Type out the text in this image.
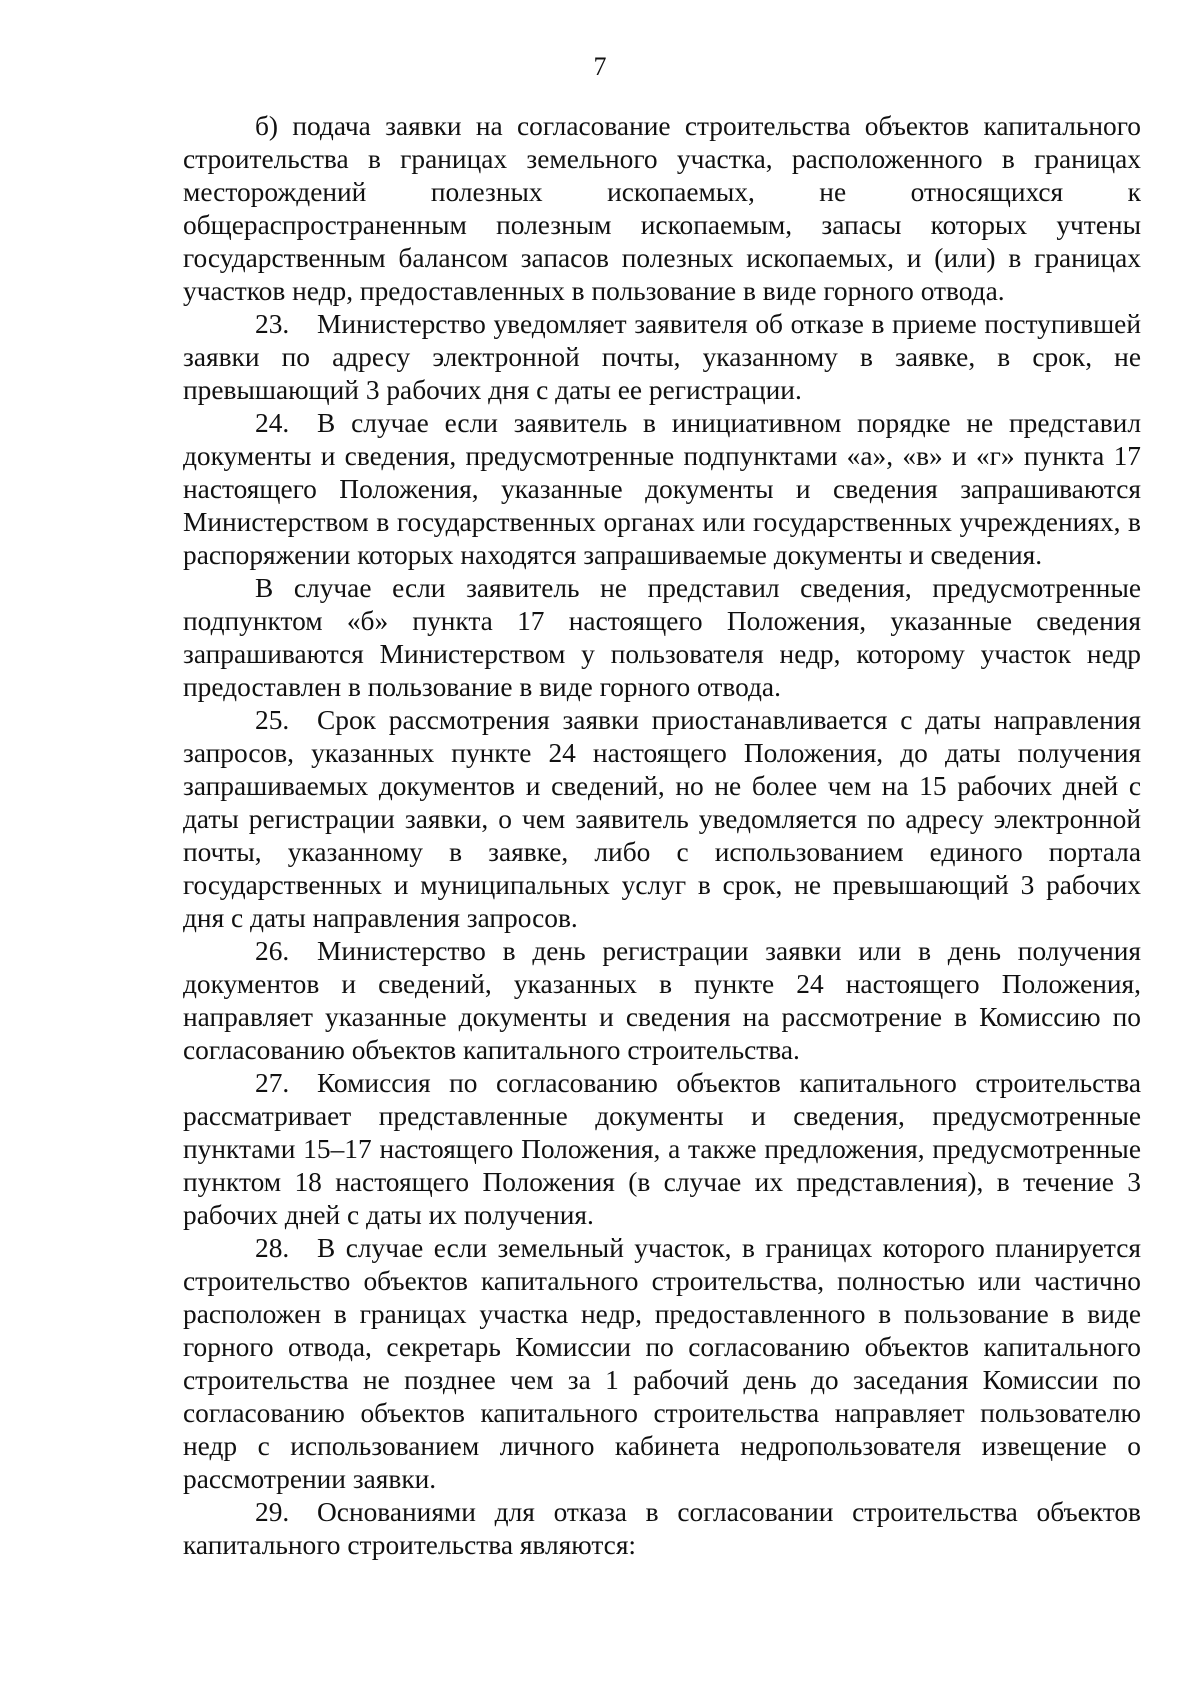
7

б) подача заявки на согласование строительства объектов капитального строительства в границах земельного участка, расположенного в границах месторождений полезных ископаемых, не относящихся к общераспространенным полезным ископаемым, запасы которых учтены государственным балансом запасов полезных ископаемых, и (или) в границах участков недр, предоставленных в пользование в виде горного отвода.

23. Министерство уведомляет заявителя об отказе в приеме поступившей заявки по адресу электронной почты, указанному в заявке, в срок, не превышающий 3 рабочих дня с даты ее регистрации.

24. В случае если заявитель в инициативном порядке не представил документы и сведения, предусмотренные подпунктами «а», «в» и «г» пункта 17 настоящего Положения, указанные документы и сведения запрашиваются Министерством в государственных органах или государственных учреждениях, в распоряжении которых находятся запрашиваемые документы и сведения.

В случае если заявитель не представил сведения, предусмотренные подпунктом «б» пункта 17 настоящего Положения, указанные сведения запрашиваются Министерством у пользователя недр, которому участок недр предоставлен в пользование в виде горного отвода.

25. Срок рассмотрения заявки приостанавливается с даты направления запросов, указанных пункте 24 настоящего Положения, до даты получения запрашиваемых документов и сведений, но не более чем на 15 рабочих дней с даты регистрации заявки, о чем заявитель уведомляется по адресу электронной почты, указанному в заявке, либо с использованием единого портала государственных и муниципальных услуг в срок, не превышающий 3 рабочих дня с даты направления запросов.

26. Министерство в день регистрации заявки или в день получения документов и сведений, указанных в пункте 24 настоящего Положения, направляет указанные документы и сведения на рассмотрение в Комиссию по согласованию объектов капитального строительства.

27. Комиссия по согласованию объектов капитального строительства рассматривает представленные документы и сведения, предусмотренные пунктами 15–17 настоящего Положения, а также предложения, предусмотренные пунктом 18 настоящего Положения (в случае их представления), в течение 3 рабочих дней с даты их получения.

28. В случае если земельный участок, в границах которого планируется строительство объектов капитального строительства, полностью или частично расположен в границах участка недр, предоставленного в пользование в виде горного отвода, секретарь Комиссии по согласованию объектов капитального строительства не позднее чем за 1 рабочий день до заседания Комиссии по согласованию объектов капитального строительства направляет пользователю недр с использованием личного кабинета недропользователя извещение о рассмотрении заявки.

29. Основаниями для отказа в согласовании строительства объектов капитального строительства являются:
